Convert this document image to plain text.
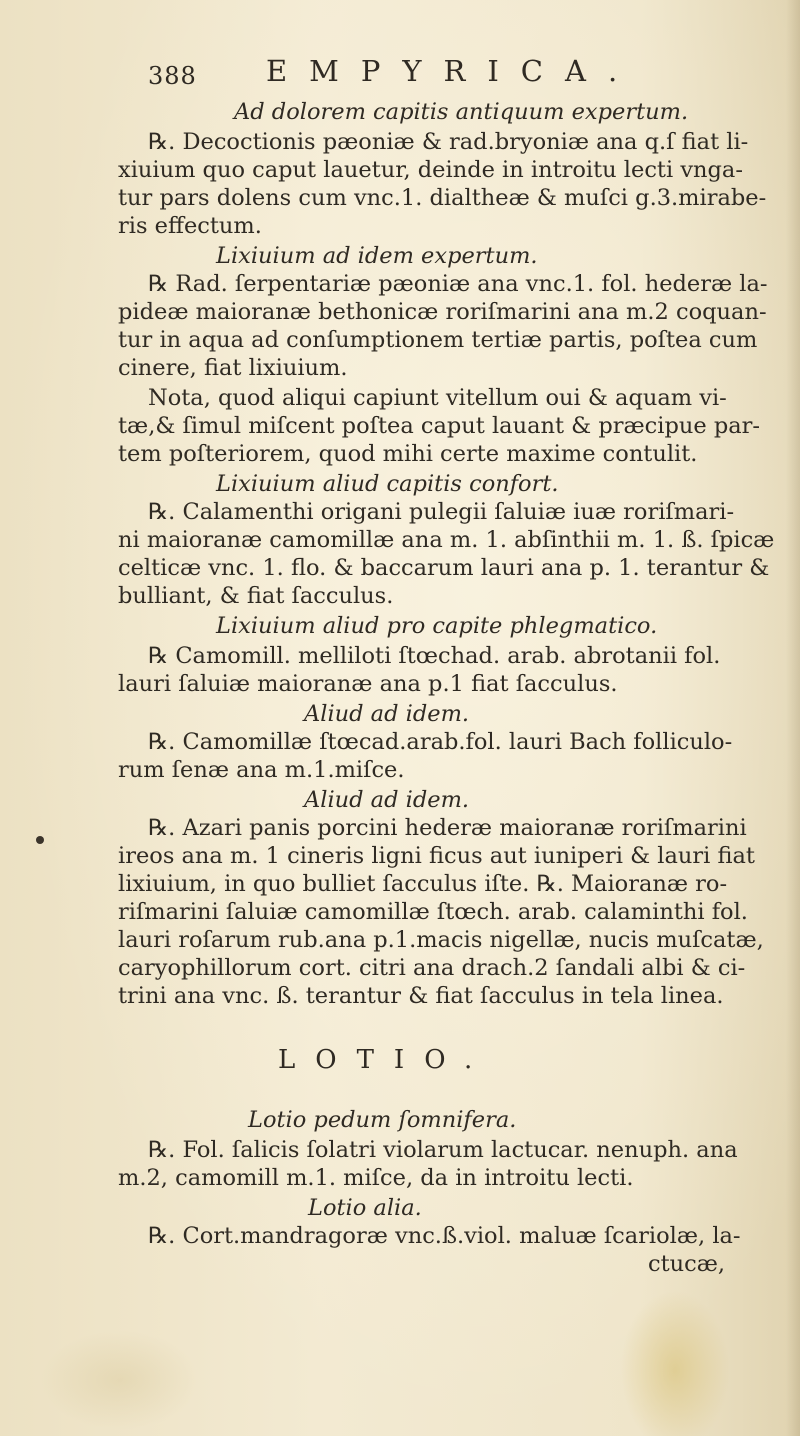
388 EMPYRICA.
Ad dolorem capitis antiquum expertum.
℞. Decoctionis pæoniæ & rad.bryoniæ ana q.ſ fiat li-
xiuium quo caput lauetur, deinde in introitu lecti vnga-
tur pars dolens cum vnc.1. dialtheæ & muſci g.3.mirabe-
ris effectum.
Lixiuium ad idem expertum.
℞ Rad. ſerpentariæ pæoniæ ana vnc.1. fol. hederæ la-
pideæ maioranæ bethonicæ roriſmarini ana m.2 coquan-
tur in aqua ad conſumptionem tertiæ partis, poſtea cum
cinere, fiat lixiuium.
Nota, quod aliqui capiunt vitellum oui & aquam vi-
tæ,& ſimul miſcent poſtea caput lauant & præcipue par-
tem poſteriorem, quod mihi certe maxime contulit.
Lixiuium aliud capitis confort.
℞. Calamenthi origani pulegii ſaluiæ iuæ roriſmari-
ni maioranæ camomillæ ana m. 1. abſinthii m. 1. ß. ſpicæ
celticæ vnc. 1. flo. & baccarum lauri ana p. 1. terantur &
bulliant, & fiat ſacculus.
Lixiuium aliud pro capite phlegmatico.
℞ Camomill. melliloti ſtœchad. arab. abrotanii fol.
lauri ſaluiæ maioranæ ana p.1 fiat ſacculus.
Aliud ad idem.
℞. Camomillæ ſtœcad.arab.fol. lauri Bach folliculo-
rum ſenæ ana m.1.miſce.
Aliud ad idem.
℞. Azari panis porcini hederæ maioranæ roriſmarini
ireos ana m. 1 cineris ligni ficus aut iuniperi & lauri fiat
lixiuium, in quo bulliet ſacculus iſte. ℞. Maioranæ ro-
riſmarini ſaluiæ camomillæ ſtœch. arab. calaminthi fol.
lauri roſarum rub.ana p.1.macis nigellæ, nucis muſcatæ,
caryophillorum cort. citri ana drach.2 ſandali albi & ci-
trini ana vnc. ß. terantur & fiat ſacculus in tela linea.
LOTIO.
Lotio pedum ſomnifera.
℞. Fol. ſalicis ſolatri violarum lactucar. nenuph. ana
m.2, camomill m.1. miſce, da in introitu lecti.
Lotio alia.
℞. Cort.mandragoræ vnc.ß.viol. maluæ ſcariolæ, la-
ctucæ,
